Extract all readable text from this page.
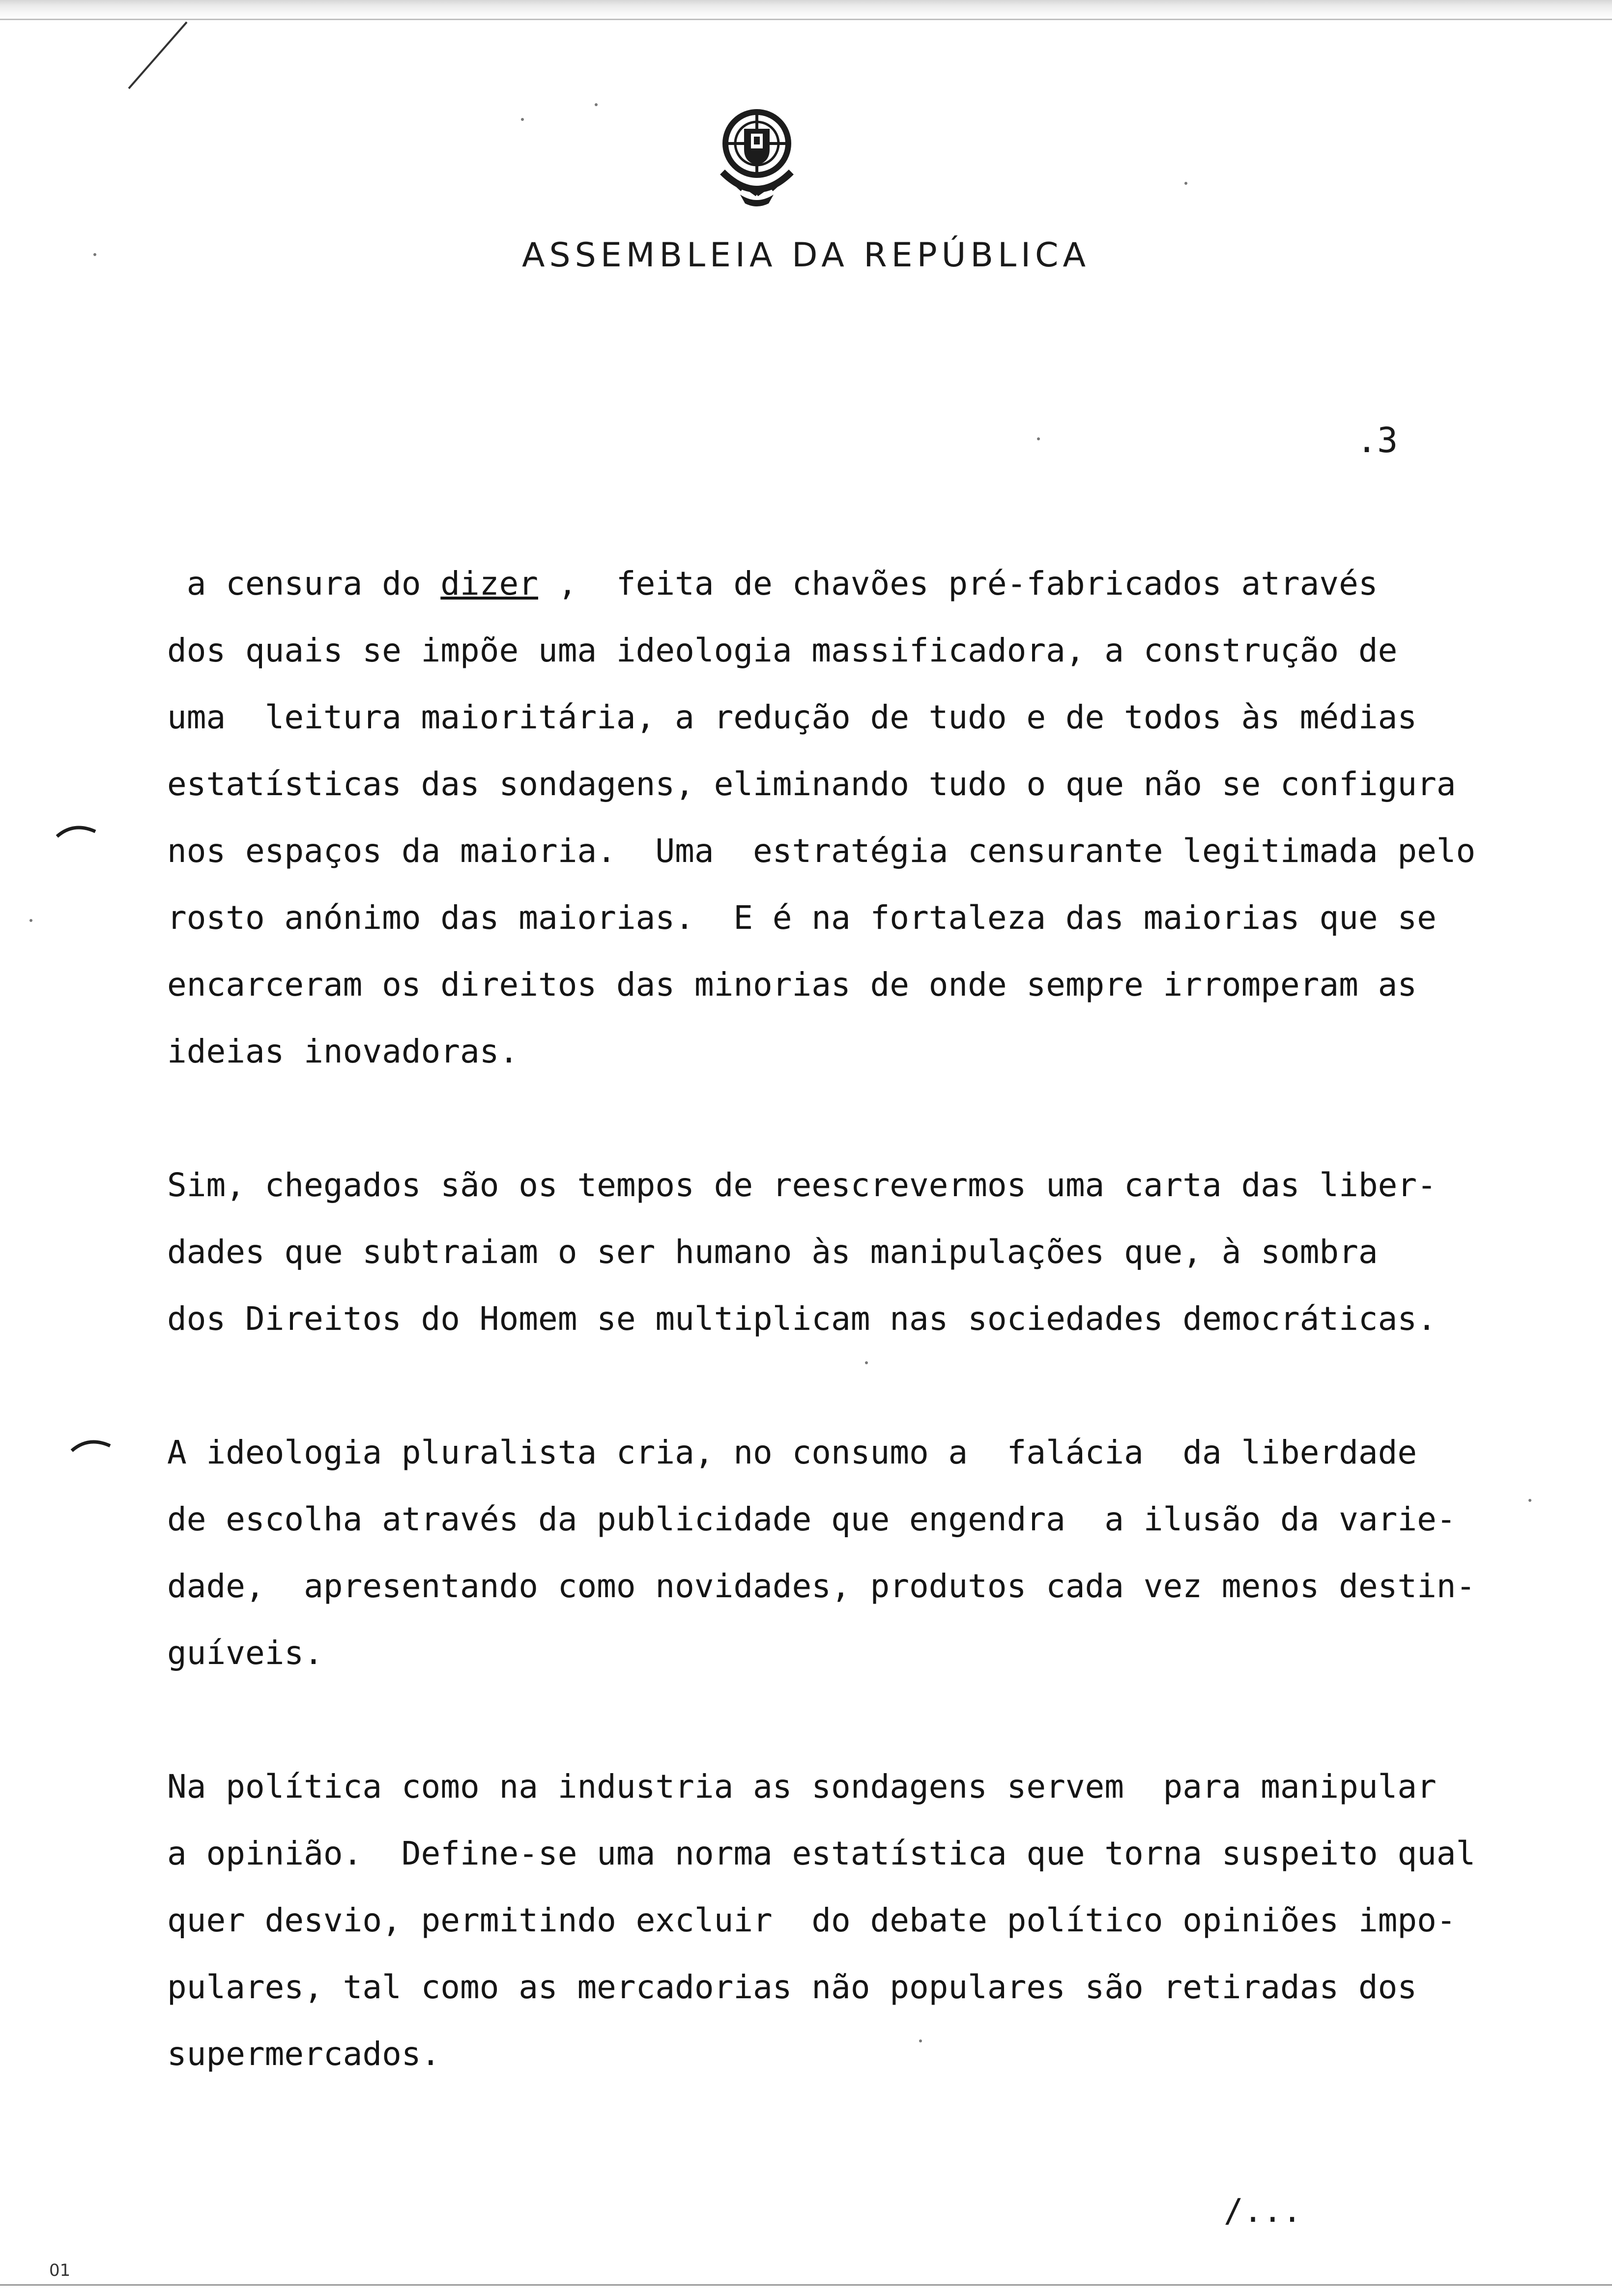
ASSEMBLEIA DA REPÚBLICA
.3
a censura do dizer ,  feita de chavões pré-fabricados através
dos quais se impõe uma ideologia massificadora, a construção de
uma  leitura maioritária, a redução de tudo e de todos às médias
estatísticas das sondagens, eliminando tudo o que não se configura
nos espaços da maioria.  Uma  estratégia censurante legitimada pelo
rosto anónimo das maiorias.  E é na fortaleza das maiorias que se
encarceram os direitos das minorias de onde sempre irromperam as
ideias inovadoras.
Sim, chegados são os tempos de reescrevermos uma carta das liber-
dades que subtraiam o ser humano às manipulações que, à sombra
dos Direitos do Homem se multiplicam nas sociedades democráticas.
A ideologia pluralista cria, no consumo a  falácia  da liberdade
de escolha através da publicidade que engendra  a ilusão da varie-
dade,  apresentando como novidades, produtos cada vez menos destin-
guíveis.
Na política como na industria as sondagens servem  para manipular
a opinião.  Define-se uma norma estatística que torna suspeito qual
quer desvio, permitindo excluir  do debate político opiniões impo-
pulares, tal como as mercadorias não populares são retiradas dos
supermercados.
/...
01
